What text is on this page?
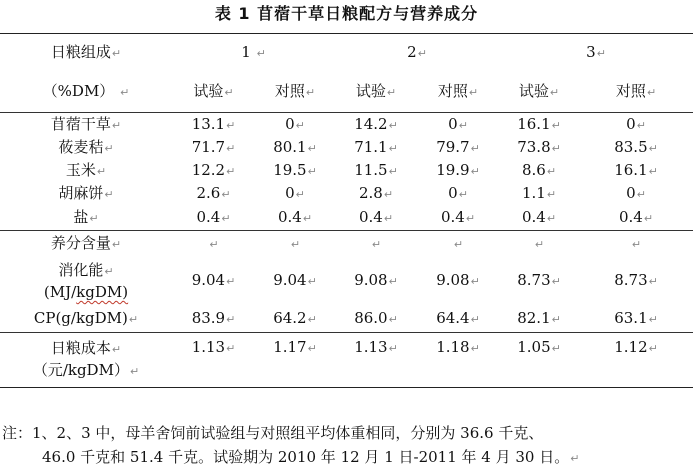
表 1 苜蓿干草日粮配方与营养成分
日粮组成↵	1 ↵		2↵		3↵	
（%DM） ↵	试验↵	对照↵	试验↵	对照↵	试验↵	对照↵
苜蓿干草↵	13.1↵	0↵	14.2↵	0↵	16.1↵	0↵
莜麦秸↵	71.7↵	80.1↵	71.1↵	79.7↵	73.8↵	83.5↵
玉米↵	12.2↵	19.5↵	11.5↵	19.9↵	8.6↵	16.1↵
胡麻饼↵	2.6↵	0↵	2.8↵	0↵	1.1↵	0↵
盐↵	0.4↵	0.4↵	0.4↵	0.4↵	0.4↵	0.4↵
养分含量↵	↵	↵	↵	↵	↵	↵
消化能↵
(MJ/kgDM)	9.04↵	9.04↵	9.08↵	9.08↵	8.73↵	8.73↵
CP(g/kgDM)↵	83.9↵	64.2↵	86.0↵	64.4↵	82.1↵	63.1↵
日粮成本↵
（元/kgDM）↵	1.13↵	1.17↵	1.13↵	1.18↵	1.05↵	1.12↵
注：1、2、3 中，母羊舍饲前试验组与对照组平均体重相同，分别为 36.6 千克、
46.0 千克和 51.4 千克。试验期为 2010 年 12 月 1 日-2011 年 4 月 30 日。↵
